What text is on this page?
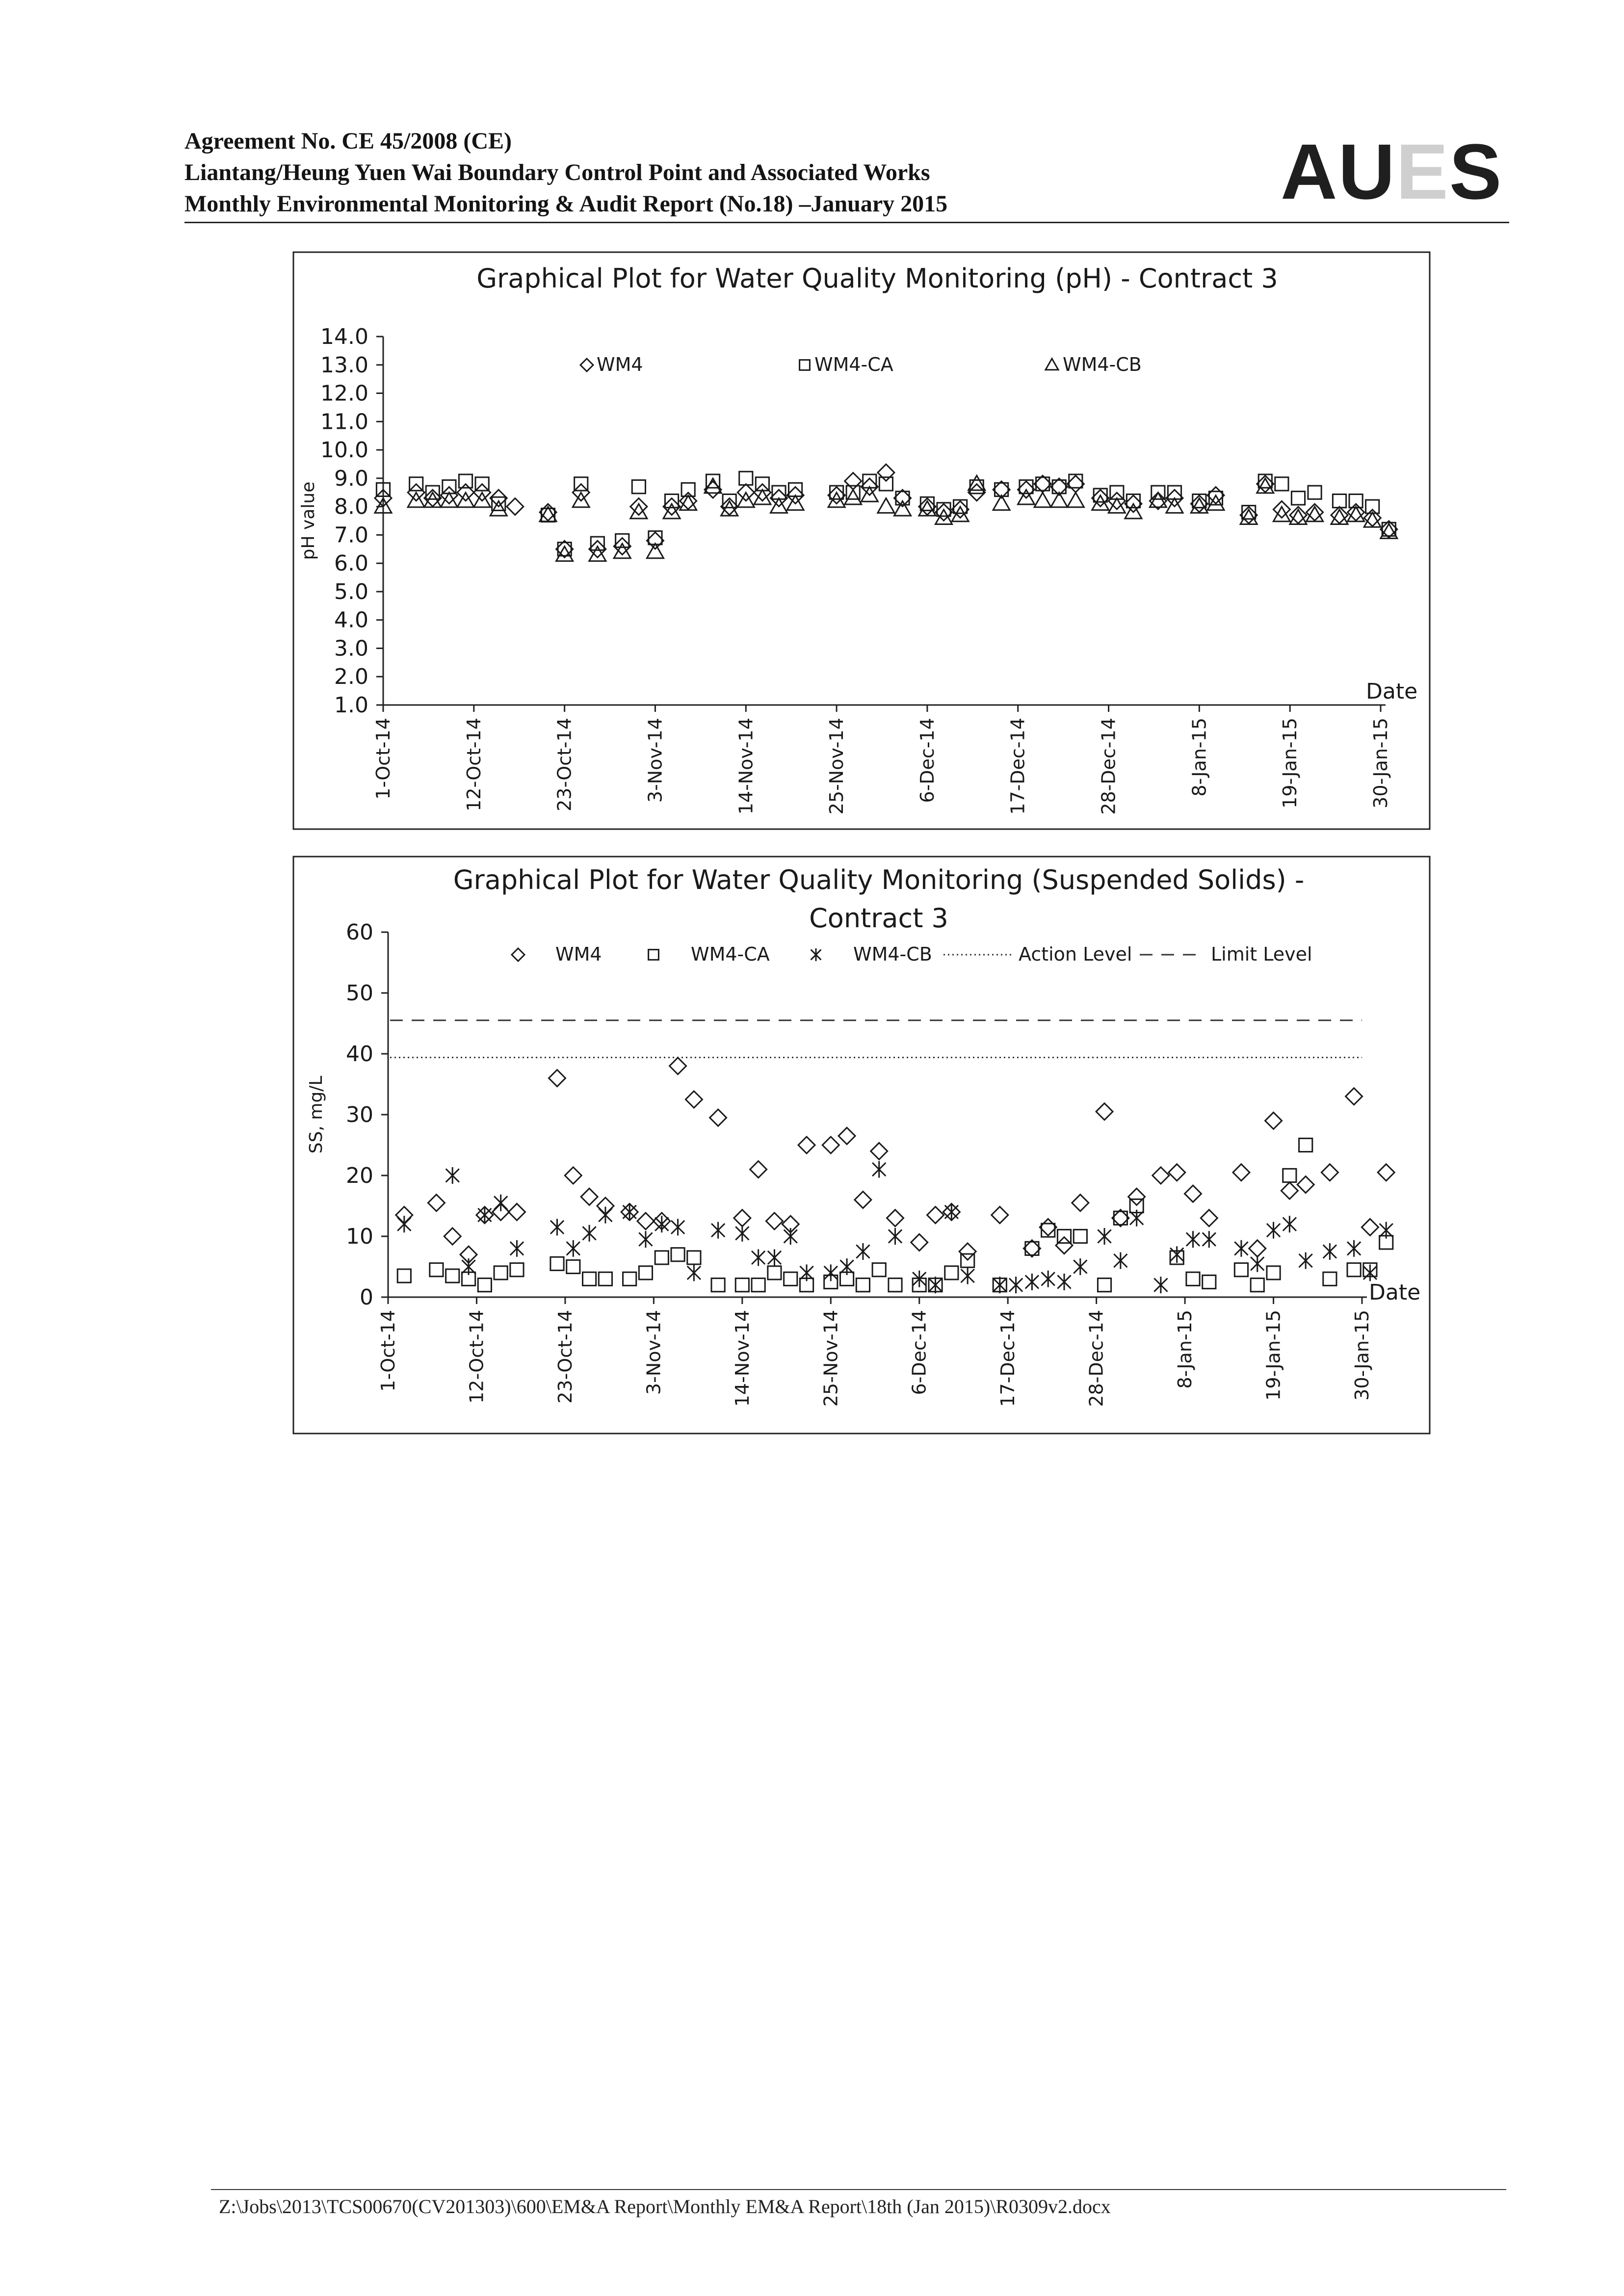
Agreement No. CE 45/2008 (CE)
Liantang/Heung Yuen Wai Boundary Control Point and Associated Works
Monthly Environmental Monitoring & Audit Report (No.18) –January 2015	AUES
Graphical Plot for Water Quality Monitoring (pH) - Contract 3
1.0
2.0
3.0
4.0
5.0
6.0
7.0
8.0
9.0
10.0
11.0
12.0
13.0
14.0
1-Oct-14	12-Oct-14	23-Oct-14	3-Nov-14	14-Nov-14	25-Nov-14	6-Dec-14	17-Dec-14	28-Dec-14	8-Jan-15	19-Jan-15	30-Jan-15
pH value
Date
WM4	WM4-CA	WM4-CB
Graphical Plot for Water Quality Monitoring (Suspended Solids) -
Contract 3
0
10
20
30
40
50
60
1-Oct-14	12-Oct-14	23-Oct-14	3-Nov-14	14-Nov-14	25-Nov-14	6-Dec-14	17-Dec-14	28-Dec-14	8-Jan-15	19-Jan-15	30-Jan-15
SS, mg/L
Date
WM4	WM4-CA	WM4-CB	Action Level	Limit Level
Z:\Jobs\2013\TCS00670(CV201303)\600\EM&A Report\Monthly EM&A Report\18th (Jan 2015)\R0309v2.docx
